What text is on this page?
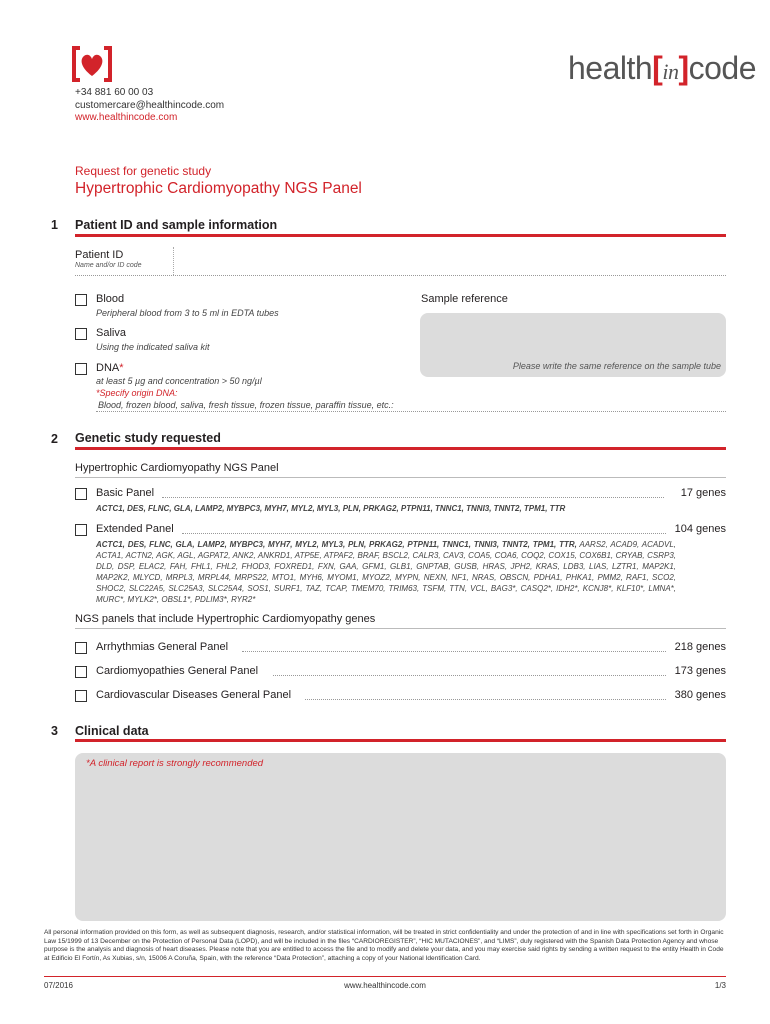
+34 881 60 00 03
customercare@healthincode.com
www.healthincode.com
health[in]code
Request for genetic study
Hypertrophic Cardiomyopathy NGS Panel
1 Patient ID and sample information
Patient ID
Name and/or ID code
Blood
Peripheral blood from 3 to 5 ml in EDTA tubes
Saliva
Using the indicated saliva kit
DNA*
at least 5 µg and concentration > 50 ng/µl
*Specify origin DNA:
Blood, frozen blood, saliva, fresh tissue, frozen tissue, paraffin tissue, etc.:
Sample reference
Please write the same reference on the sample tube
2 Genetic study requested
Hypertrophic Cardiomyopathy NGS Panel
Basic Panel	17 genes
ACTC1, DES, FLNC, GLA, LAMP2, MYBPC3, MYH7, MYL2, MYL3, PLN, PRKAG2, PTPN11, TNNC1, TNNI3, TNNT2, TPM1, TTR
Extended Panel	104 genes
ACTC1, DES, FLNC, GLA, LAMP2, MYBPC3, MYH7, MYL2, MYL3, PLN, PRKAG2, PTPN11, TNNC1, TNNI3, TNNT2, TPM1, TTR, AARS2, ACAD9, ACADVL, ACTA1, ACTN2, AGK, AGL, AGPAT2, ANK2, ANKRD1, ATP5E, ATPAF2, BRAF, BSCL2, CALR3, CAV3, COA5, COA6, COQ2, COX15, COX6B1, CRYAB, CSRP3, DLD, DSP, ELAC2, FAH, FHL1, FHL2, FHOD3, FOXRED1, FXN, GAA, GFM1, GLB1, GNPTAB, GUSB, HRAS, JPH2, KRAS, LDB3, LIAS, LZTR1, MAP2K1, MAP2K2, MLYCD, MRPL3, MRPL44, MRPS22, MTO1, MYH6, MYOM1, MYOZ2, MYPN, NEXN, NF1, NRAS, OBSCN, PDHA1, PHKA1, PMM2, RAF1, SCO2, SHOC2, SLC22A5, SLC25A3, SLC25A4, SOS1, SURF1, TAZ, TCAP, TMEM70, TRIM63, TSFM, TTN, VCL, BAG3*, CASQ2*, IDH2*, KCNJ8*, KLF10*, LMNA*, MURC*, MYLK2*, OBSL1*, PDLIM3*, RYR2*
NGS panels that include Hypertrophic Cardiomyopathy genes
Arrhythmias General Panel	218 genes
Cardiomyopathies General Panel	173 genes
Cardiovascular Diseases General Panel	380 genes
3 Clinical data
*A clinical report is strongly recommended
All personal information provided on this form, as well as subsequent diagnosis, research, and/or statistical information, will be treated in strict confidentiality and under the protection of and in line with specifications set forth in Organic Law 15/1999 of 13 December on the Protection of Personal Data (LOPD), and will be included in the files “CARDIOREGISTER”, “HIC MUTACIONES”, and “LIMS”, duly registered with the Spanish Data Protection Agency and whose purpose is the analysis and diagnosis of heart diseases. Please note that you are entitled to access the file and to modify and delete your data, and you may exercise said rights by sending a written request to the entity Health in Code at Edificio El Fortín, As Xubias, s/n, 15006 A Coruña, Spain, with the reference “Data Protection”, attaching a copy of your National Identification Card.
07/2016	www.healthincode.com	1/3
